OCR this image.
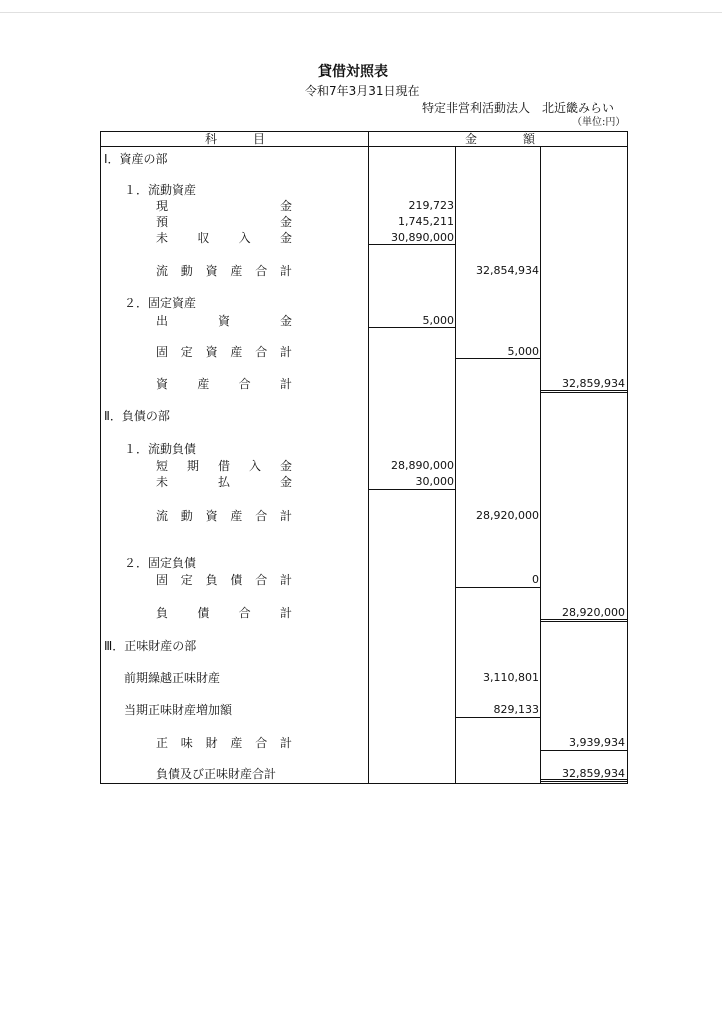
貸借対照表
令和7年3月31日現在
特定非営利活動法人　北近畿みらい
（単位:円）
科	目	金	額
Ⅰ．資産の部
１．流動資産
現	金	219,723
預	金	1,745,211
未 収 入 金	30,890,000
流 動 資 産 合 計	32,854,934
２．固定資産
出	資	金	5,000
固 定 資 産 合 計	5,000
資 産 合 計	32,859,934
Ⅱ．負債の部
１．流動負債
短 期 借 入 金	28,890,000
未	払	金	30,000
流 動 資 産 合 計	28,920,000
２．固定負債
固 定 負 債 合 計	0
負 債 合 計	28,920,000
Ⅲ．正味財産の部
前期繰越正味財産	3,110,801
当期正味財産増加額	829,133
正 味 財 産 合 計	3,939,934
負債及び正味財産合計	32,859,934
